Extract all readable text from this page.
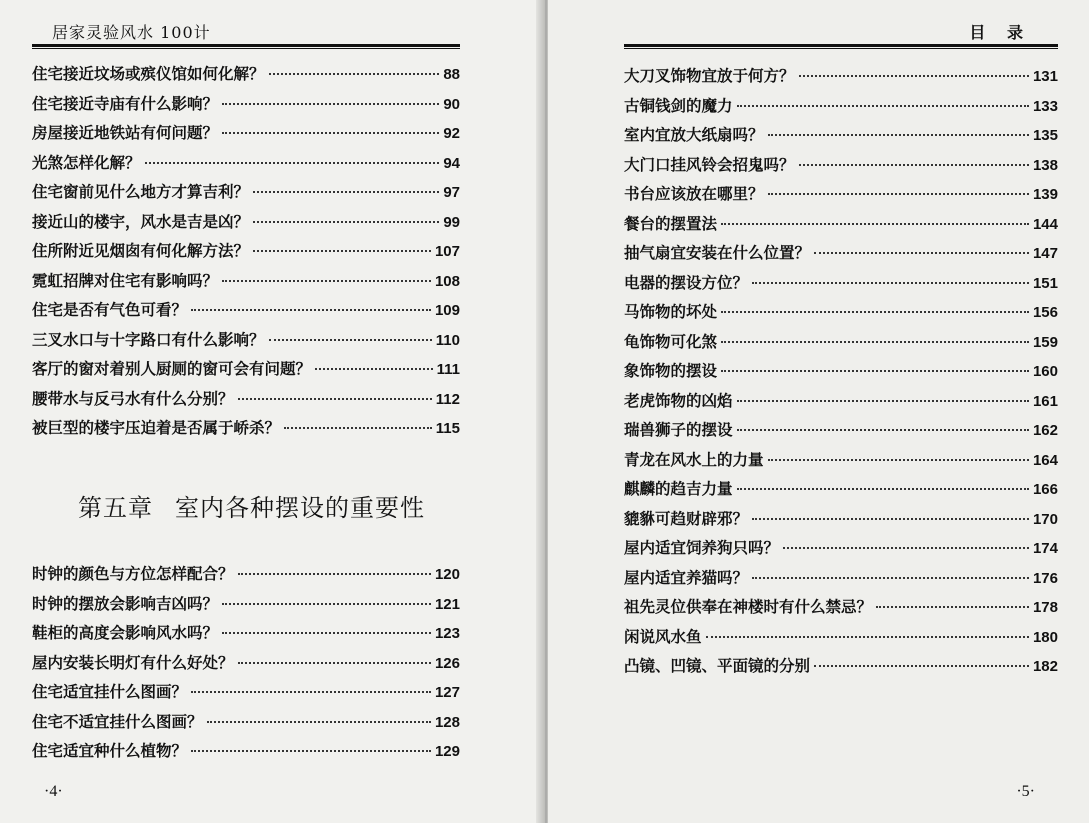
居家灵验风水 100计
住宅接近坟场或殡仪馆如何化解？	88
住宅接近寺庙有什么影响？	90
房屋接近地铁站有何问题？	92
光煞怎样化解？	94
住宅窗前见什么地方才算吉利？	97
接近山的楼宇，风水是吉是凶？	99
住所附近见烟囱有何化解方法？	107
霓虹招牌对住宅有影响吗？	108
住宅是否有气色可看？	109
三叉水口与十字路口有什么影响？	110
客厅的窗对着别人厨厕的窗可会有问题？	111
腰带水与反弓水有什么分别？	112
被巨型的楼宇压迫着是否属于峤杀？	115
第五章 室内各种摆设的重要性
时钟的颜色与方位怎样配合？	120
时钟的摆放会影响吉凶吗？	121
鞋柜的高度会影响风水吗？	123
屋内安装长明灯有什么好处？	126
住宅适宜挂什么图画？	127
住宅不适宜挂什么图画？	128
住宅适宜种什么植物？	129
·4·
目 录
大刀叉饰物宜放于何方？	131
古铜钱剑的魔力	133
室内宜放大纸扇吗？	135
大门口挂风铃会招鬼吗？	138
书台应该放在哪里？	139
餐台的摆置法	144
抽气扇宜安装在什么位置？	147
电器的摆设方位？	151
马饰物的坏处	156
龟饰物可化煞	159
象饰物的摆设	160
老虎饰物的凶焰	161
瑞兽狮子的摆设	162
青龙在风水上的力量	164
麒麟的趋吉力量	166
貔貅可趋财辟邪？	170
屋内适宜饲养狗只吗？	174
屋内适宜养猫吗？	176
祖先灵位供奉在神楼时有什么禁忌？	178
闲说风水鱼	180
凸镜、凹镜、平面镜的分别	182
·5·
